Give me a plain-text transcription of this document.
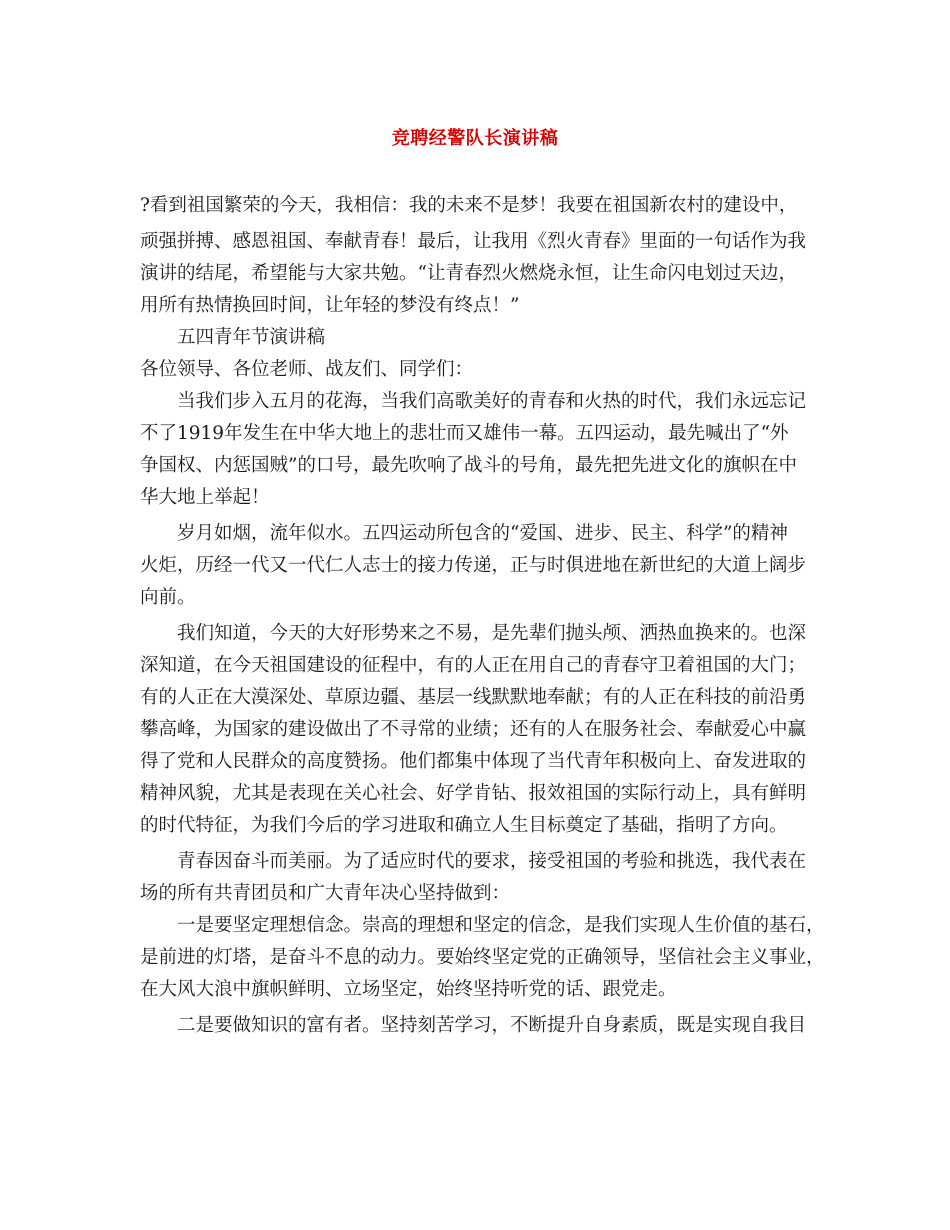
竞聘经警队长演讲稿
?看到祖国繁荣的今天，我相信：我的未来不是梦！我要在祖国新农村的建设中，
顽强拼搏、感恩祖国、奉献青春！最后，让我用《烈火青春》里面的一句话作为我
演讲的结尾，希望能与大家共勉。“让青春烈火燃烧永恒，让生命闪电划过天边，
用所有热情换回时间，让年轻的梦没有终点！”
五四青年节演讲稿
各位领导、各位老师、战友们、同学们：
当我们步入五月的花海，当我们高歌美好的青春和火热的时代，我们永远忘记
不了1919年发生在中华大地上的悲壮而又雄伟一幕。五四运动，最先喊出了“外
争国权、内惩国贼”的口号，最先吹响了战斗的号角，最先把先进文化的旗帜在中
华大地上举起！
岁月如烟，流年似水。五四运动所包含的“爱国、进步、民主、科学”的精神
火炬，历经一代又一代仁人志士的接力传递，正与时俱进地在新世纪的大道上阔步
向前。
我们知道，今天的大好形势来之不易，是先辈们抛头颅、洒热血换来的。也深
深知道，在今天祖国建设的征程中，有的人正在用自己的青春守卫着祖国的大门；
有的人正在大漠深处、草原边疆、基层一线默默地奉献；有的人正在科技的前沿勇
攀高峰，为国家的建设做出了不寻常的业绩；还有的人在服务社会、奉献爱心中赢
得了党和人民群众的高度赞扬。他们都集中体现了当代青年积极向上、奋发进取的
精神风貌，尤其是表现在关心社会、好学肯钻、报效祖国的实际行动上，具有鲜明
的时代特征，为我们今后的学习进取和确立人生目标奠定了基础，指明了方向。
青春因奋斗而美丽。为了适应时代的要求，接受祖国的考验和挑选，我代表在
场的所有共青团员和广大青年决心坚持做到：
一是要坚定理想信念。崇高的理想和坚定的信念，是我们实现人生价值的基石，
是前进的灯塔，是奋斗不息的动力。要始终坚定党的正确领导，坚信社会主义事业，
在大风大浪中旗帜鲜明、立场坚定，始终坚持听党的话、跟党走。
二是要做知识的富有者。坚持刻苦学习，不断提升自身素质，既是实现自我目
